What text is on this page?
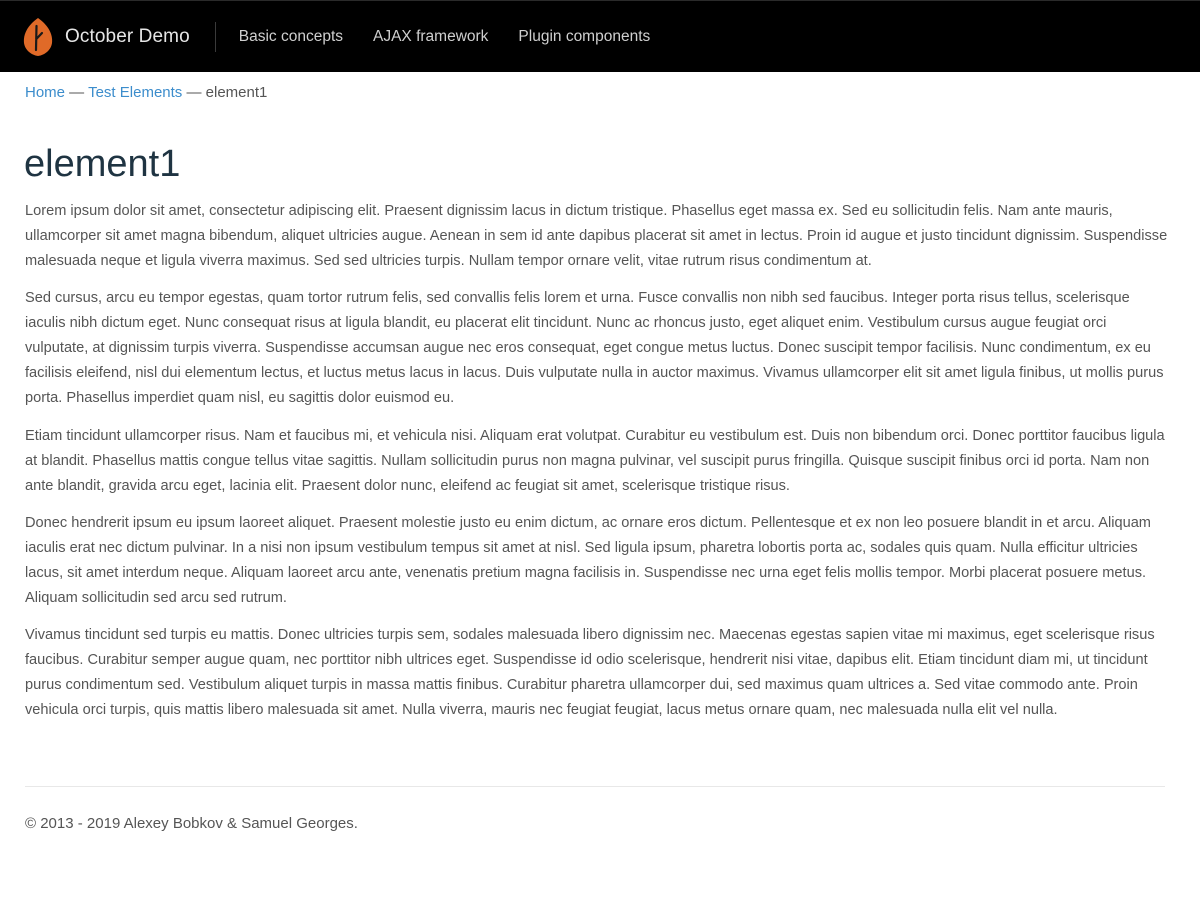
October Demo	Basic concepts	AJAX framework	Plugin components
Home — Test Elements — element1
element1

Lorem ipsum dolor sit amet, consectetur adipiscing elit. Praesent dignissim lacus in dictum tristique. Phasellus eget massa ex. Sed eu sollicitudin felis. Nam ante mauris, ullamcorper sit amet magna bibendum, aliquet ultricies augue. Aenean in sem id ante dapibus placerat sit amet in lectus. Proin id augue et justo tincidunt dignissim. Suspendisse malesuada neque et ligula viverra maximus. Sed sed ultricies turpis. Nullam tempor ornare velit, vitae rutrum risus condimentum at.

Sed cursus, arcu eu tempor egestas, quam tortor rutrum felis, sed convallis felis lorem et urna. Fusce convallis non nibh sed faucibus. Integer porta risus tellus, scelerisque iaculis nibh dictum eget. Nunc consequat risus at ligula blandit, eu placerat elit tincidunt. Nunc ac rhoncus justo, eget aliquet enim. Vestibulum cursus augue feugiat orci vulputate, at dignissim turpis viverra. Suspendisse accumsan augue nec eros consequat, eget congue metus luctus. Donec suscipit tempor facilisis. Nunc condimentum, ex eu facilisis eleifend, nisl dui elementum lectus, et luctus metus lacus in lacus. Duis vulputate nulla in auctor maximus. Vivamus ullamcorper elit sit amet ligula finibus, ut mollis purus porta. Phasellus imperdiet quam nisl, eu sagittis dolor euismod eu.

Etiam tincidunt ullamcorper risus. Nam et faucibus mi, et vehicula nisi. Aliquam erat volutpat. Curabitur eu vestibulum est. Duis non bibendum orci. Donec porttitor faucibus ligula at blandit. Phasellus mattis congue tellus vitae sagittis. Nullam sollicitudin purus non magna pulvinar, vel suscipit purus fringilla. Quisque suscipit finibus orci id porta. Nam non ante blandit, gravida arcu eget, lacinia elit. Praesent dolor nunc, eleifend ac feugiat sit amet, scelerisque tristique risus.

Donec hendrerit ipsum eu ipsum laoreet aliquet. Praesent molestie justo eu enim dictum, ac ornare eros dictum. Pellentesque et ex non leo posuere blandit in et arcu. Aliquam iaculis erat nec dictum pulvinar. In a nisi non ipsum vestibulum tempus sit amet at nisl. Sed ligula ipsum, pharetra lobortis porta ac, sodales quis quam. Nulla efficitur ultricies lacus, sit amet interdum neque. Aliquam laoreet arcu ante, venenatis pretium magna facilisis in. Suspendisse nec urna eget felis mollis tempor. Morbi placerat posuere metus. Aliquam sollicitudin sed arcu sed rutrum.

Vivamus tincidunt sed turpis eu mattis. Donec ultricies turpis sem, sodales malesuada libero dignissim nec. Maecenas egestas sapien vitae mi maximus, eget scelerisque risus faucibus. Curabitur semper augue quam, nec porttitor nibh ultrices eget. Suspendisse id odio scelerisque, hendrerit nisi vitae, dapibus elit. Etiam tincidunt diam mi, ut tincidunt purus condimentum sed. Vestibulum aliquet turpis in massa mattis finibus. Curabitur pharetra ullamcorper dui, sed maximus quam ultrices a. Sed vitae commodo ante. Proin vehicula orci turpis, quis mattis libero malesuada sit amet. Nulla viverra, mauris nec feugiat feugiat, lacus metus ornare quam, nec malesuada nulla elit vel nulla.

© 2013 - 2019 Alexey Bobkov & Samuel Georges.
